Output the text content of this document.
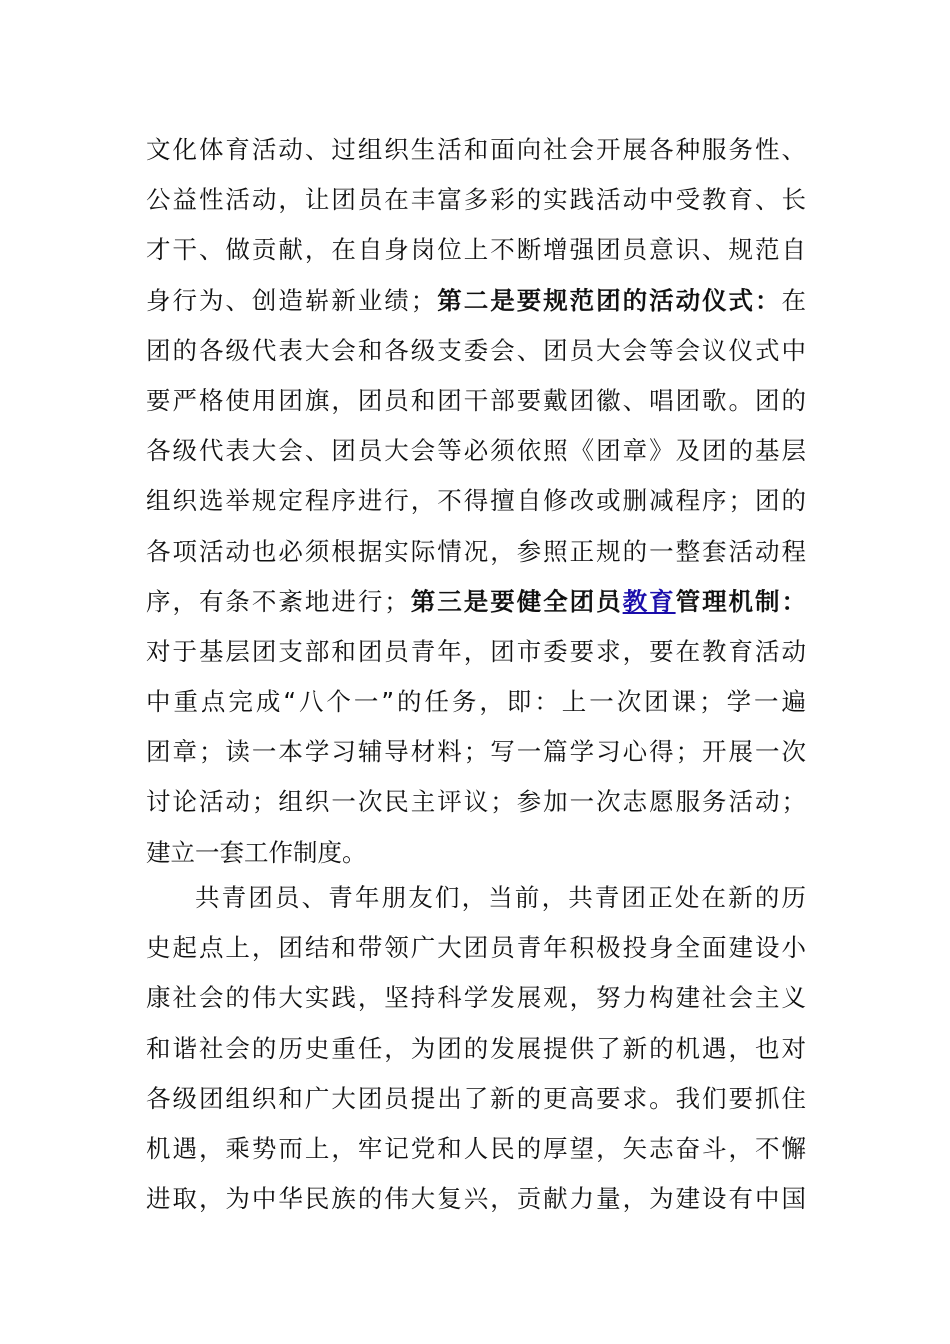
文化体育活动、过组织生活和面向社会开展各种服务性、
公益性活动，让团员在丰富多彩的实践活动中受教育、长
才干、做贡献，在自身岗位上不断增强团员意识、规范自
身行为、创造崭新业绩；第二是要规范团的活动仪式：在
团的各级代表大会和各级支委会、团员大会等会议仪式中
要严格使用团旗，团员和团干部要戴团徽、唱团歌。团的
各级代表大会、团员大会等必须依照《团章》及团的基层
组织选举规定程序进行，不得擅自修改或删减程序；团的
各项活动也必须根据实际情况，参照正规的一整套活动程
序，有条不紊地进行；第三是要健全团员教育管理机制：
对于基层团支部和团员青年，团市委要求，要在教育活动
中重点完成“八个一”的任务，即：上一次团课；学一遍
团章；读一本学习辅导材料；写一篇学习心得；开展一次
讨论活动；组织一次民主评议；参加一次志愿服务活动；
建立一套工作制度。
共青团员、青年朋友们，当前，共青团正处在新的历
史起点上，团结和带领广大团员青年积极投身全面建设小
康社会的伟大实践，坚持科学发展观，努力构建社会主义
和谐社会的历史重任，为团的发展提供了新的机遇，也对
各级团组织和广大团员提出了新的更高要求。我们要抓住
机遇，乘势而上，牢记党和人民的厚望，矢志奋斗，不懈
进取，为中华民族的伟大复兴，贡献力量，为建设有中国
